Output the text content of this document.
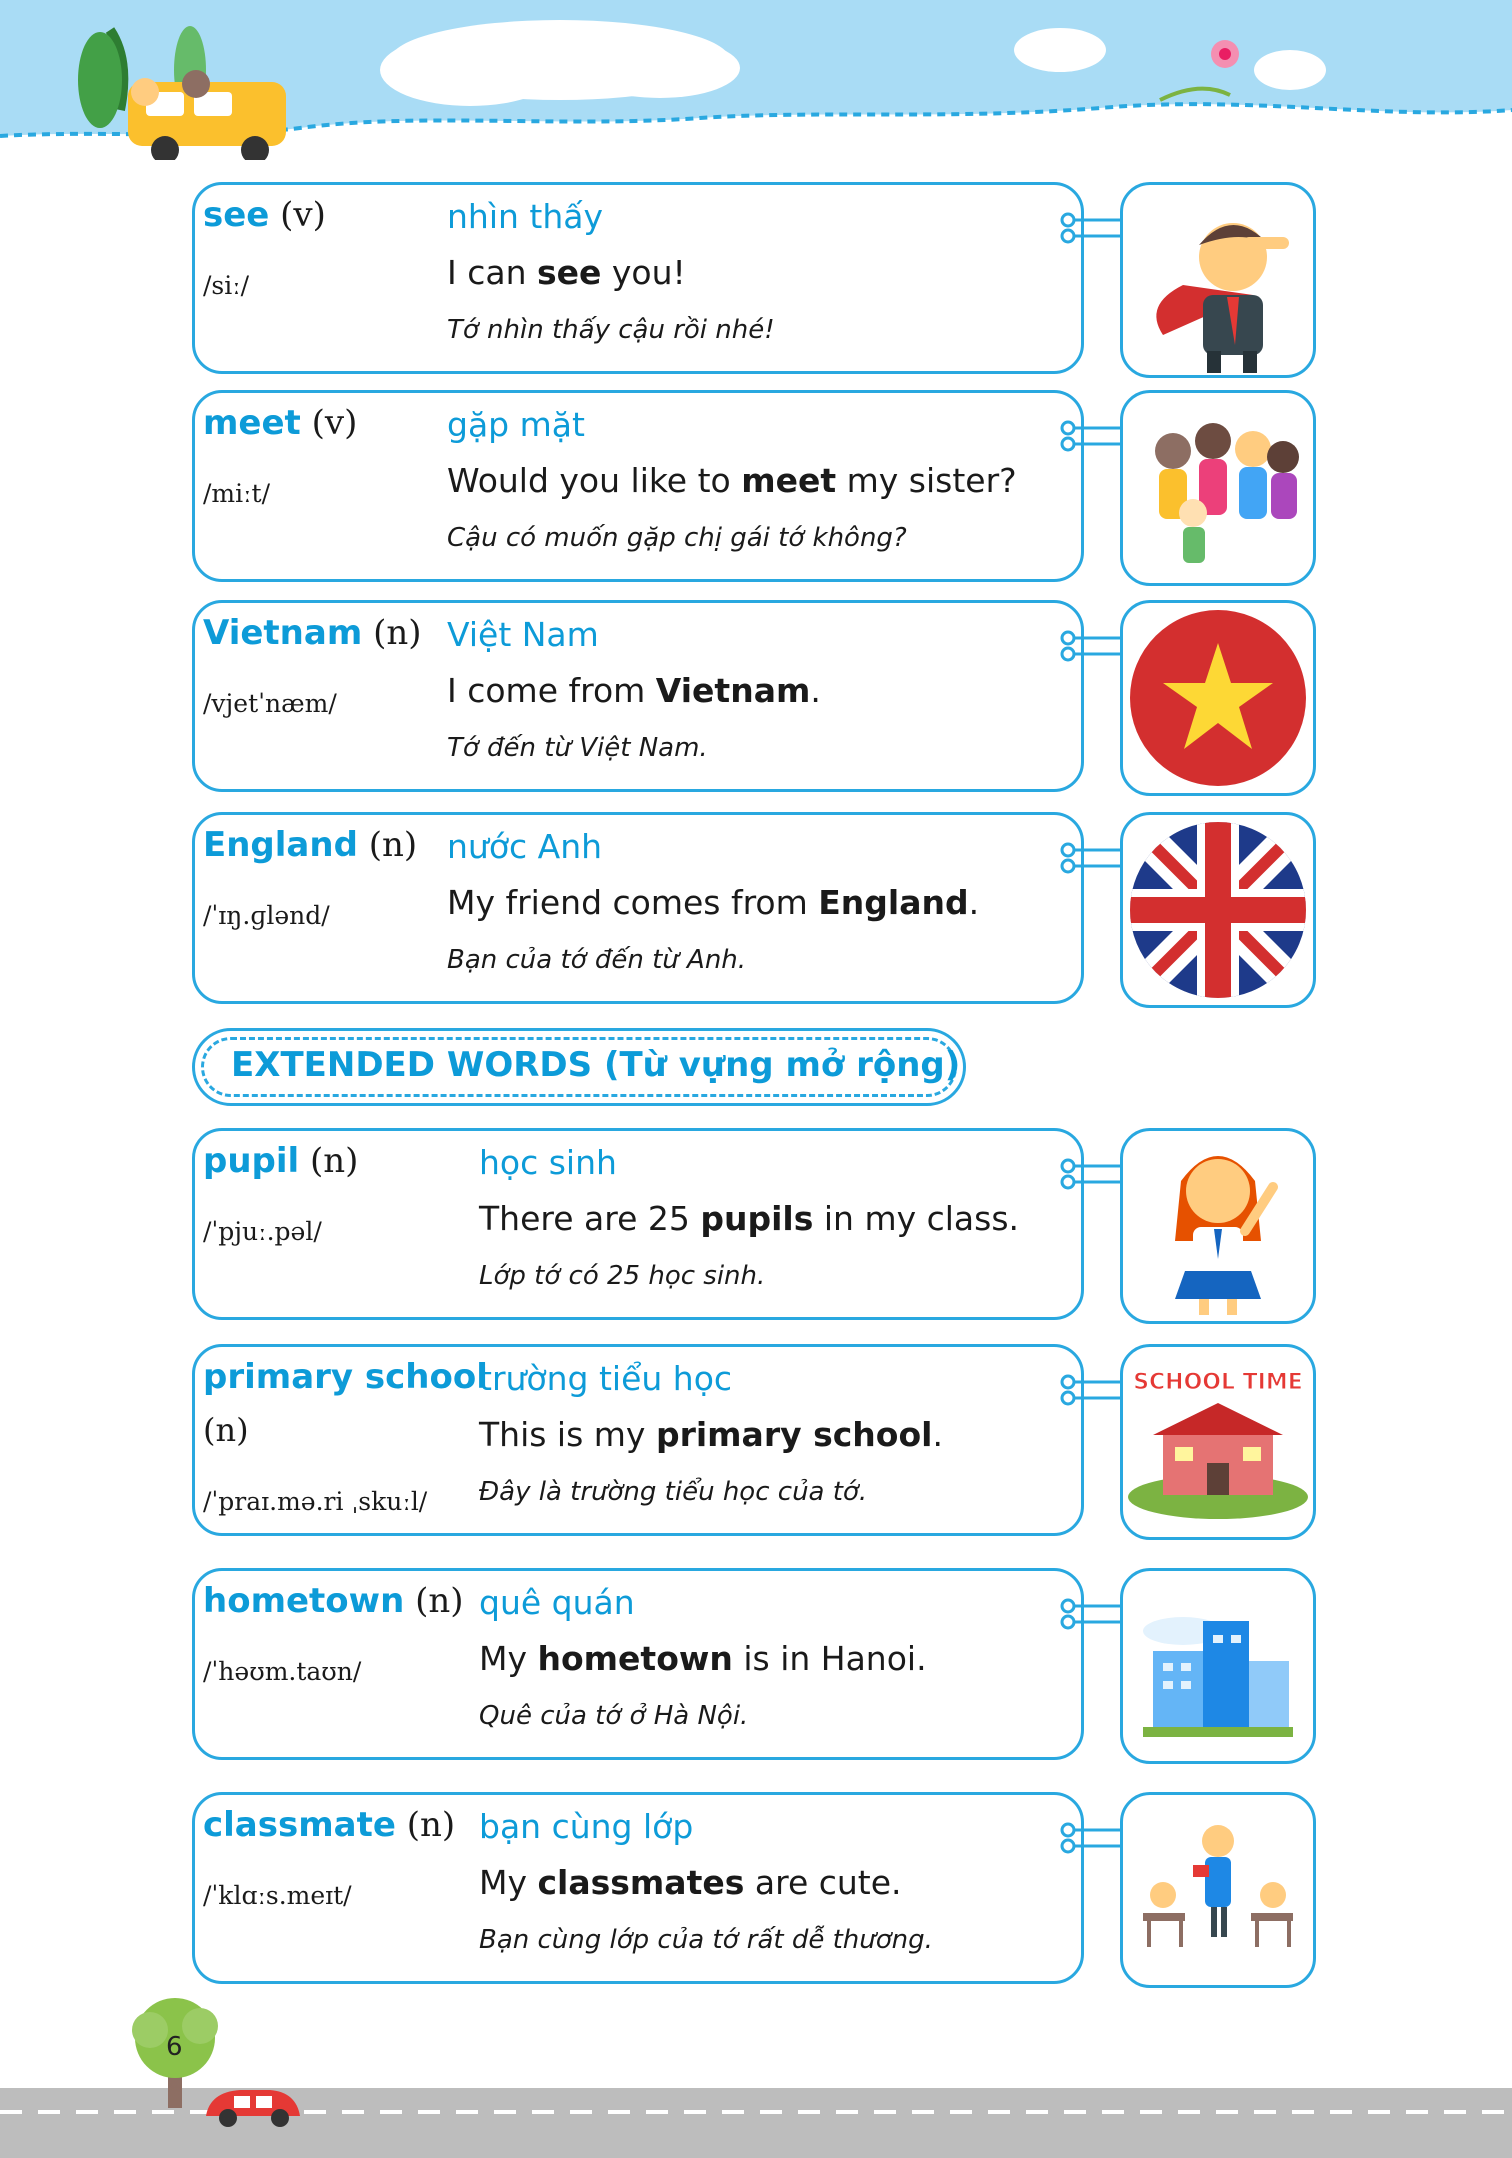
see (v)
/siː/
nhìn thấy
I can see you!
Tớ nhìn thấy cậu rồi nhé!
meet (v)
/miːt/
gặp mặt
Would you like to meet my sister?
Cậu có muốn gặp chị gái tớ không?
Vietnam (n)
/vjetˈnæm/
Việt Nam
I come from Vietnam.
Tớ đến từ Việt Nam.
England (n)
/ˈɪŋ.ɡlənd/
nước Anh
My friend comes from England.
Bạn của tớ đến từ Anh.
EXTENDED WORDS (Từ vựng mở rộng)
pupil (n)
/ˈpjuː.pəl/
học sinh
There are 25 pupils in my class.
Lớp tớ có 25 học sinh.
primary school
(n)
/ˈpraɪ.mə.ri ˌskuːl/
trường tiểu học
This is my primary school.
Đây là trường tiểu học của tớ.
SCHOOL TIME
hometown (n)
/ˈhəʊm.taʊn/
quê quán
My hometown is in Hanoi.
Quê của tớ ở Hà Nội.
classmate (n)
/ˈklɑːs.meɪt/
bạn cùng lớp
My classmates are cute.
Bạn cùng lớp của tớ rất dễ thương.
6
